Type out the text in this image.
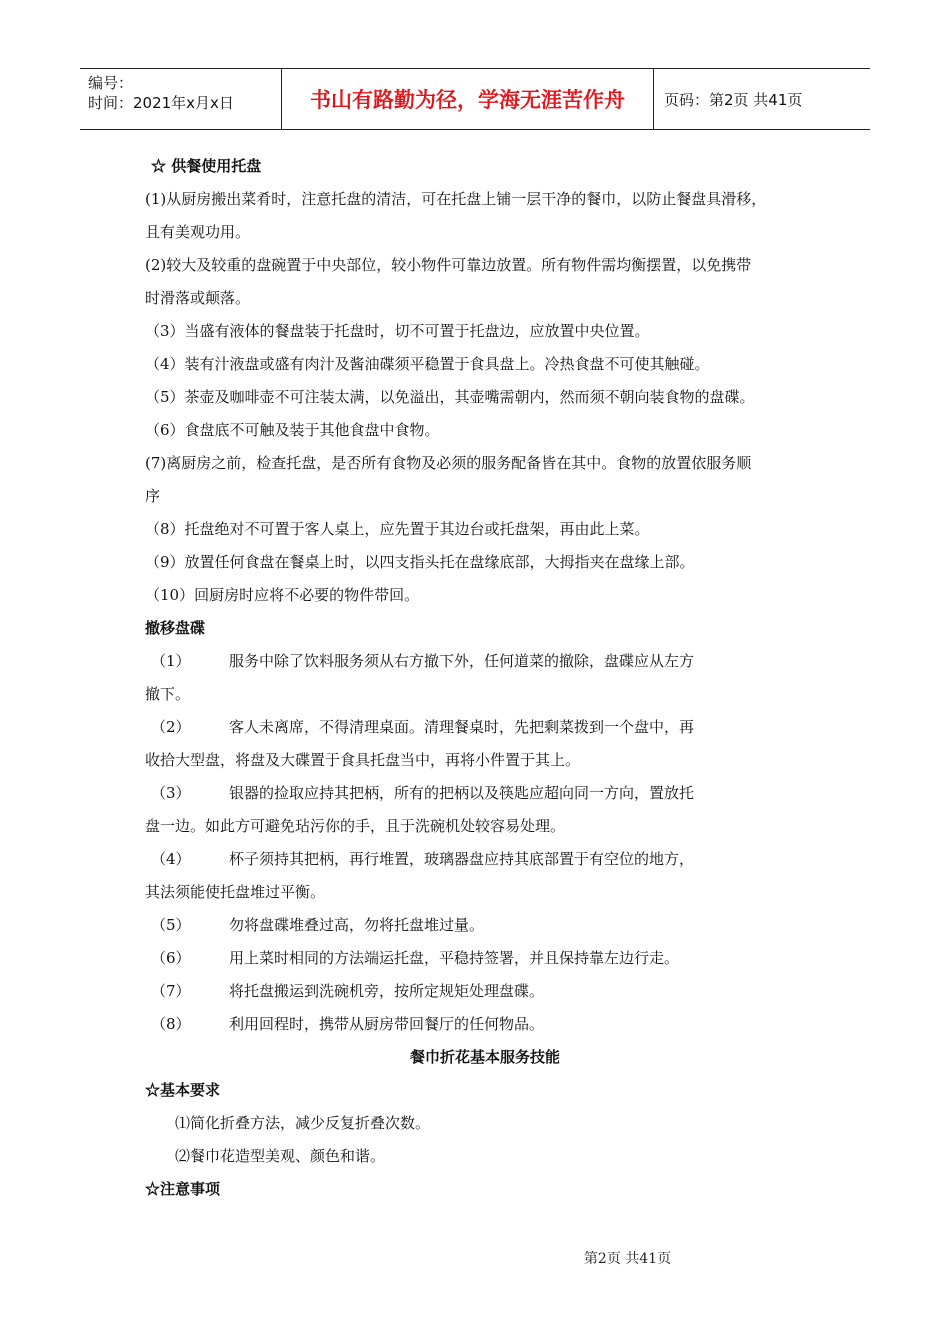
编号：
时间：2021年x月x日	书山有路勤为径，学海无涯苦作舟	页码：第2页 共41页
☆ 供餐使用托盘
(1)从厨房搬出菜肴时，注意托盘的清洁，可在托盘上铺一层干净的餐巾，以防止餐盘具滑移，
且有美观功用。
(2)较大及较重的盘碗置于中央部位，较小物件可靠边放置。所有物件需均衡摆置，以免携带
时滑落或颠落。
（3）当盛有液体的餐盘装于托盘时，切不可置于托盘边，应放置中央位置。
（4）装有汁液盘或盛有肉汁及酱油碟须平稳置于食具盘上。冷热食盘不可使其触碰。
（5）茶壶及咖啡壶不可注装太满，以免溢出，其壶嘴需朝内，然而须不朝向装食物的盘碟。
（6）食盘底不可触及装于其他食盘中食物。
(7)离厨房之前，检查托盘，是否所有食物及必须的服务配备皆在其中。食物的放置依服务顺
序
（8）托盘绝对不可置于客人桌上，应先置于其边台或托盘架，再由此上菜。
（9）放置任何食盘在餐桌上时，以四支指头托在盘缘底部，大拇指夹在盘缘上部。
（10）回厨房时应将不必要的物件带回。
撤移盘碟
（1）	服务中除了饮料服务须从右方撤下外，任何道菜的撤除，盘碟应从左方
撤下。
（2）	客人未离席，不得清理桌面。清理餐桌时，先把剩菜拨到一个盘中，再
收拾大型盘，将盘及大碟置于食具托盘当中，再将小件置于其上。
（3）	银器的捡取应持其把柄，所有的把柄以及筷匙应超向同一方向，置放托
盘一边。如此方可避免玷污你的手，且于洗碗机处较容易处理。
（4）	杯子须持其把柄，再行堆置，玻璃器盘应持其底部置于有空位的地方，
其法须能使托盘堆过平衡。
（5）	勿将盘碟堆叠过高，勿将托盘堆过量。
（6）	用上菜时相同的方法端运托盘，平稳持签署，并且保持靠左边行走。
（7）	将托盘搬运到洗碗机旁，按所定规矩处理盘碟。
（8）	利用回程时，携带从厨房带回餐厅的任何物品。
餐巾折花基本服务技能
☆基本要求
⑴简化折叠方法，减少反复折叠次数。
⑵餐巾花造型美观、颜色和谐。
☆注意事项
第2页 共41页
